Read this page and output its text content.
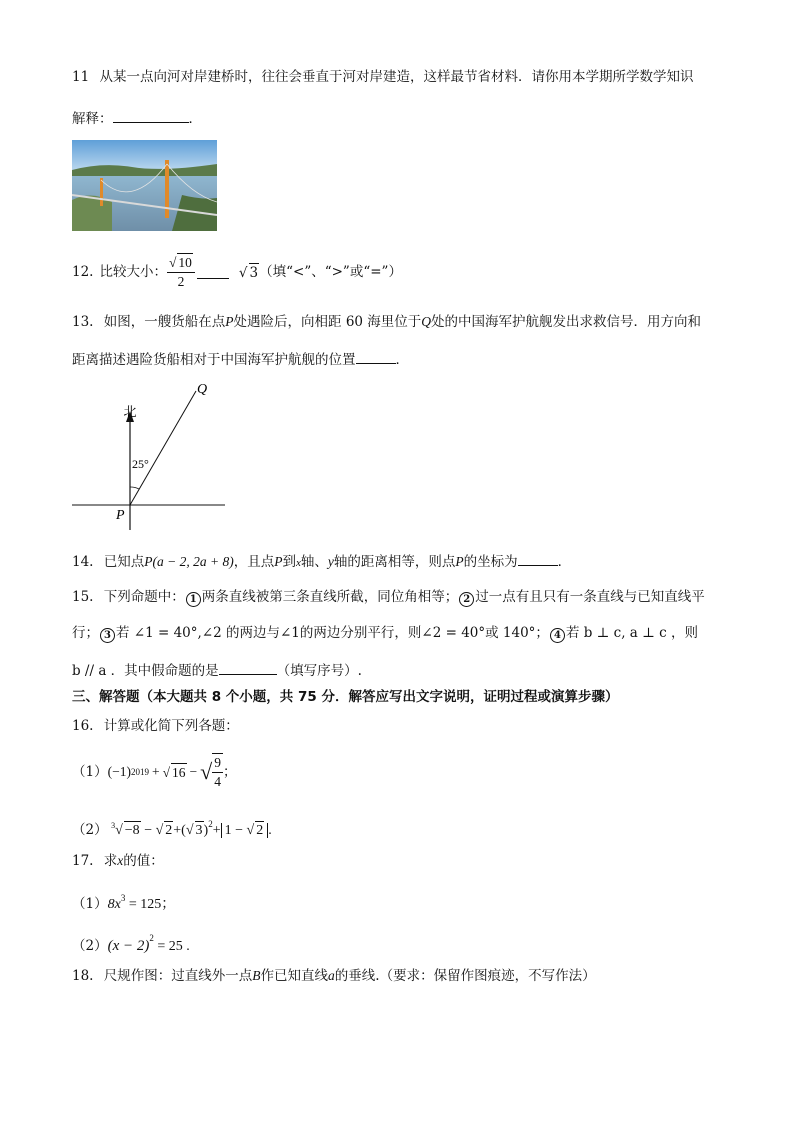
11 从某一点向河对岸建桥时，往往会垂直于河对岸建造，这样最节省材料．请你用本学期所学数学知识
解释：	．
12. 比较大小： $\frac{√ 10}{2}$	√ 3 （填“<”、“>”或“=”）
13. 如图，一艘货船在点P处遇险后，向相距 60 海里位于Q处的中国海军护航舰发出求救信号．用方向和
距离描述遇险货船相对于中国海军护航舰的位置	．
北
25°
P
Q
14. 已知点P(a − 2, 2a + 8)，且点P到x轴、y轴的距离相等，则点P的坐标为	．
15. 下列命题中： 1 两条直线被第三条直线所截，同位角相等； 2 过一点有且只有一条直线与已知直线平
行； 3 若 ∠1 = 40°,∠2 的两边与∠1的两边分别平行，则∠2 = 40°或 140°； 4 若 b ⊥ c, a ⊥ c ，则
b // a ．其中假命题的是	（填写序号）.
三、解答题（本大题共 8 个小题，共 75 分．解答应写出文字说明，证明过程或演算步骤）
16. 计算或化简下列各题：
（1） (−1) 2019 + √ 16 − √ $\frac{9}{4}$ ；
（2） $^3$√ −8 − √ 2+(√ 3)$^2$+ 1 − √ 2 .
17. 求x的值：
$(1)8x^3 = 125$；
$(2)(x - 2)^2 = 25$ .
18. 尺规作图：过直线外一点B作已知直线a的垂线.（要求：保留作图痕迹，不写作法）
